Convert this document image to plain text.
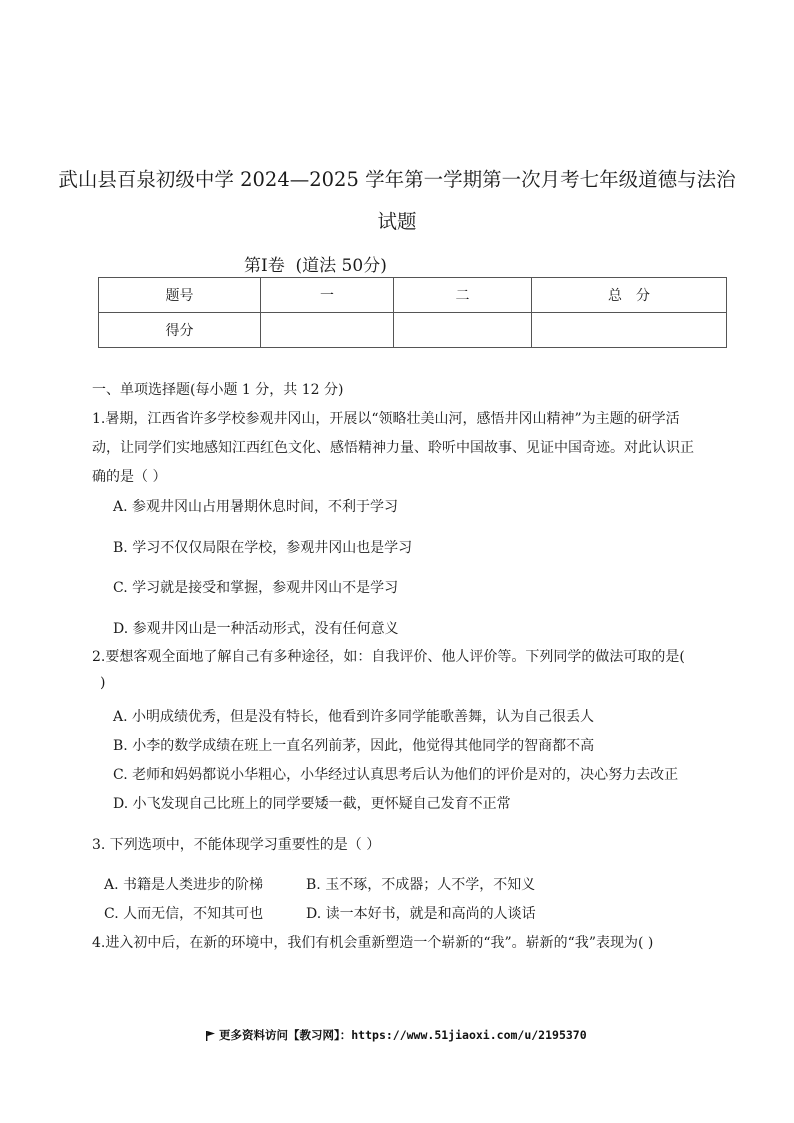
武山县百泉初级中学 2024—2025 学年第一学期第一次月考七年级道德与法治
试题
第Ⅰ卷  (道法 50分)
题号	一	二	总　分
得分			
一、单项选择题(每小题 1 分，共 12 分)
1.暑期，江西省许多学校参观井冈山，开展以“领略壮美山河，感悟井冈山精神”为主题的研学活
动，让同学们实地感知江西红色文化、感悟精神力量、聆听中国故事、见证中国奇迹。对此认识正
确的是（ ）
A. 参观井冈山占用暑期休息时间，不利于学习
B. 学习不仅仅局限在学校，参观井冈山也是学习
C. 学习就是接受和掌握，参观井冈山不是学习
D. 参观井冈山是一种活动形式，没有任何意义
2.要想客观全面地了解自己有多种途径，如：自我评价、他人评价等。下列同学的做法可取的是(
)
A. 小明成绩优秀，但是没有特长，他看到许多同学能歌善舞，认为自己很丢人
B. 小李的数学成绩在班上一直名列前茅，因此，他觉得其他同学的智商都不高
C. 老师和妈妈都说小华粗心，小华经过认真思考后认为他们的评价是对的，决心努力去改正
D. 小飞发现自己比班上的同学要矮一截，更怀疑自己发育不正常
3. 下列选项中，不能体现学习重要性的是（ ）
A. 书籍是人类进步的阶梯	B. 玉不琢，不成器；人不学，不知义
C. 人而无信，不知其可也	D. 读一本好书，就是和高尚的人谈话
4.进入初中后，在新的环境中，我们有机会重新塑造一个崭新的“我”。崭新的“我”表现为( )
更多资料访问【教习网】：https://www.51jiaoxi.com/u/2195370
